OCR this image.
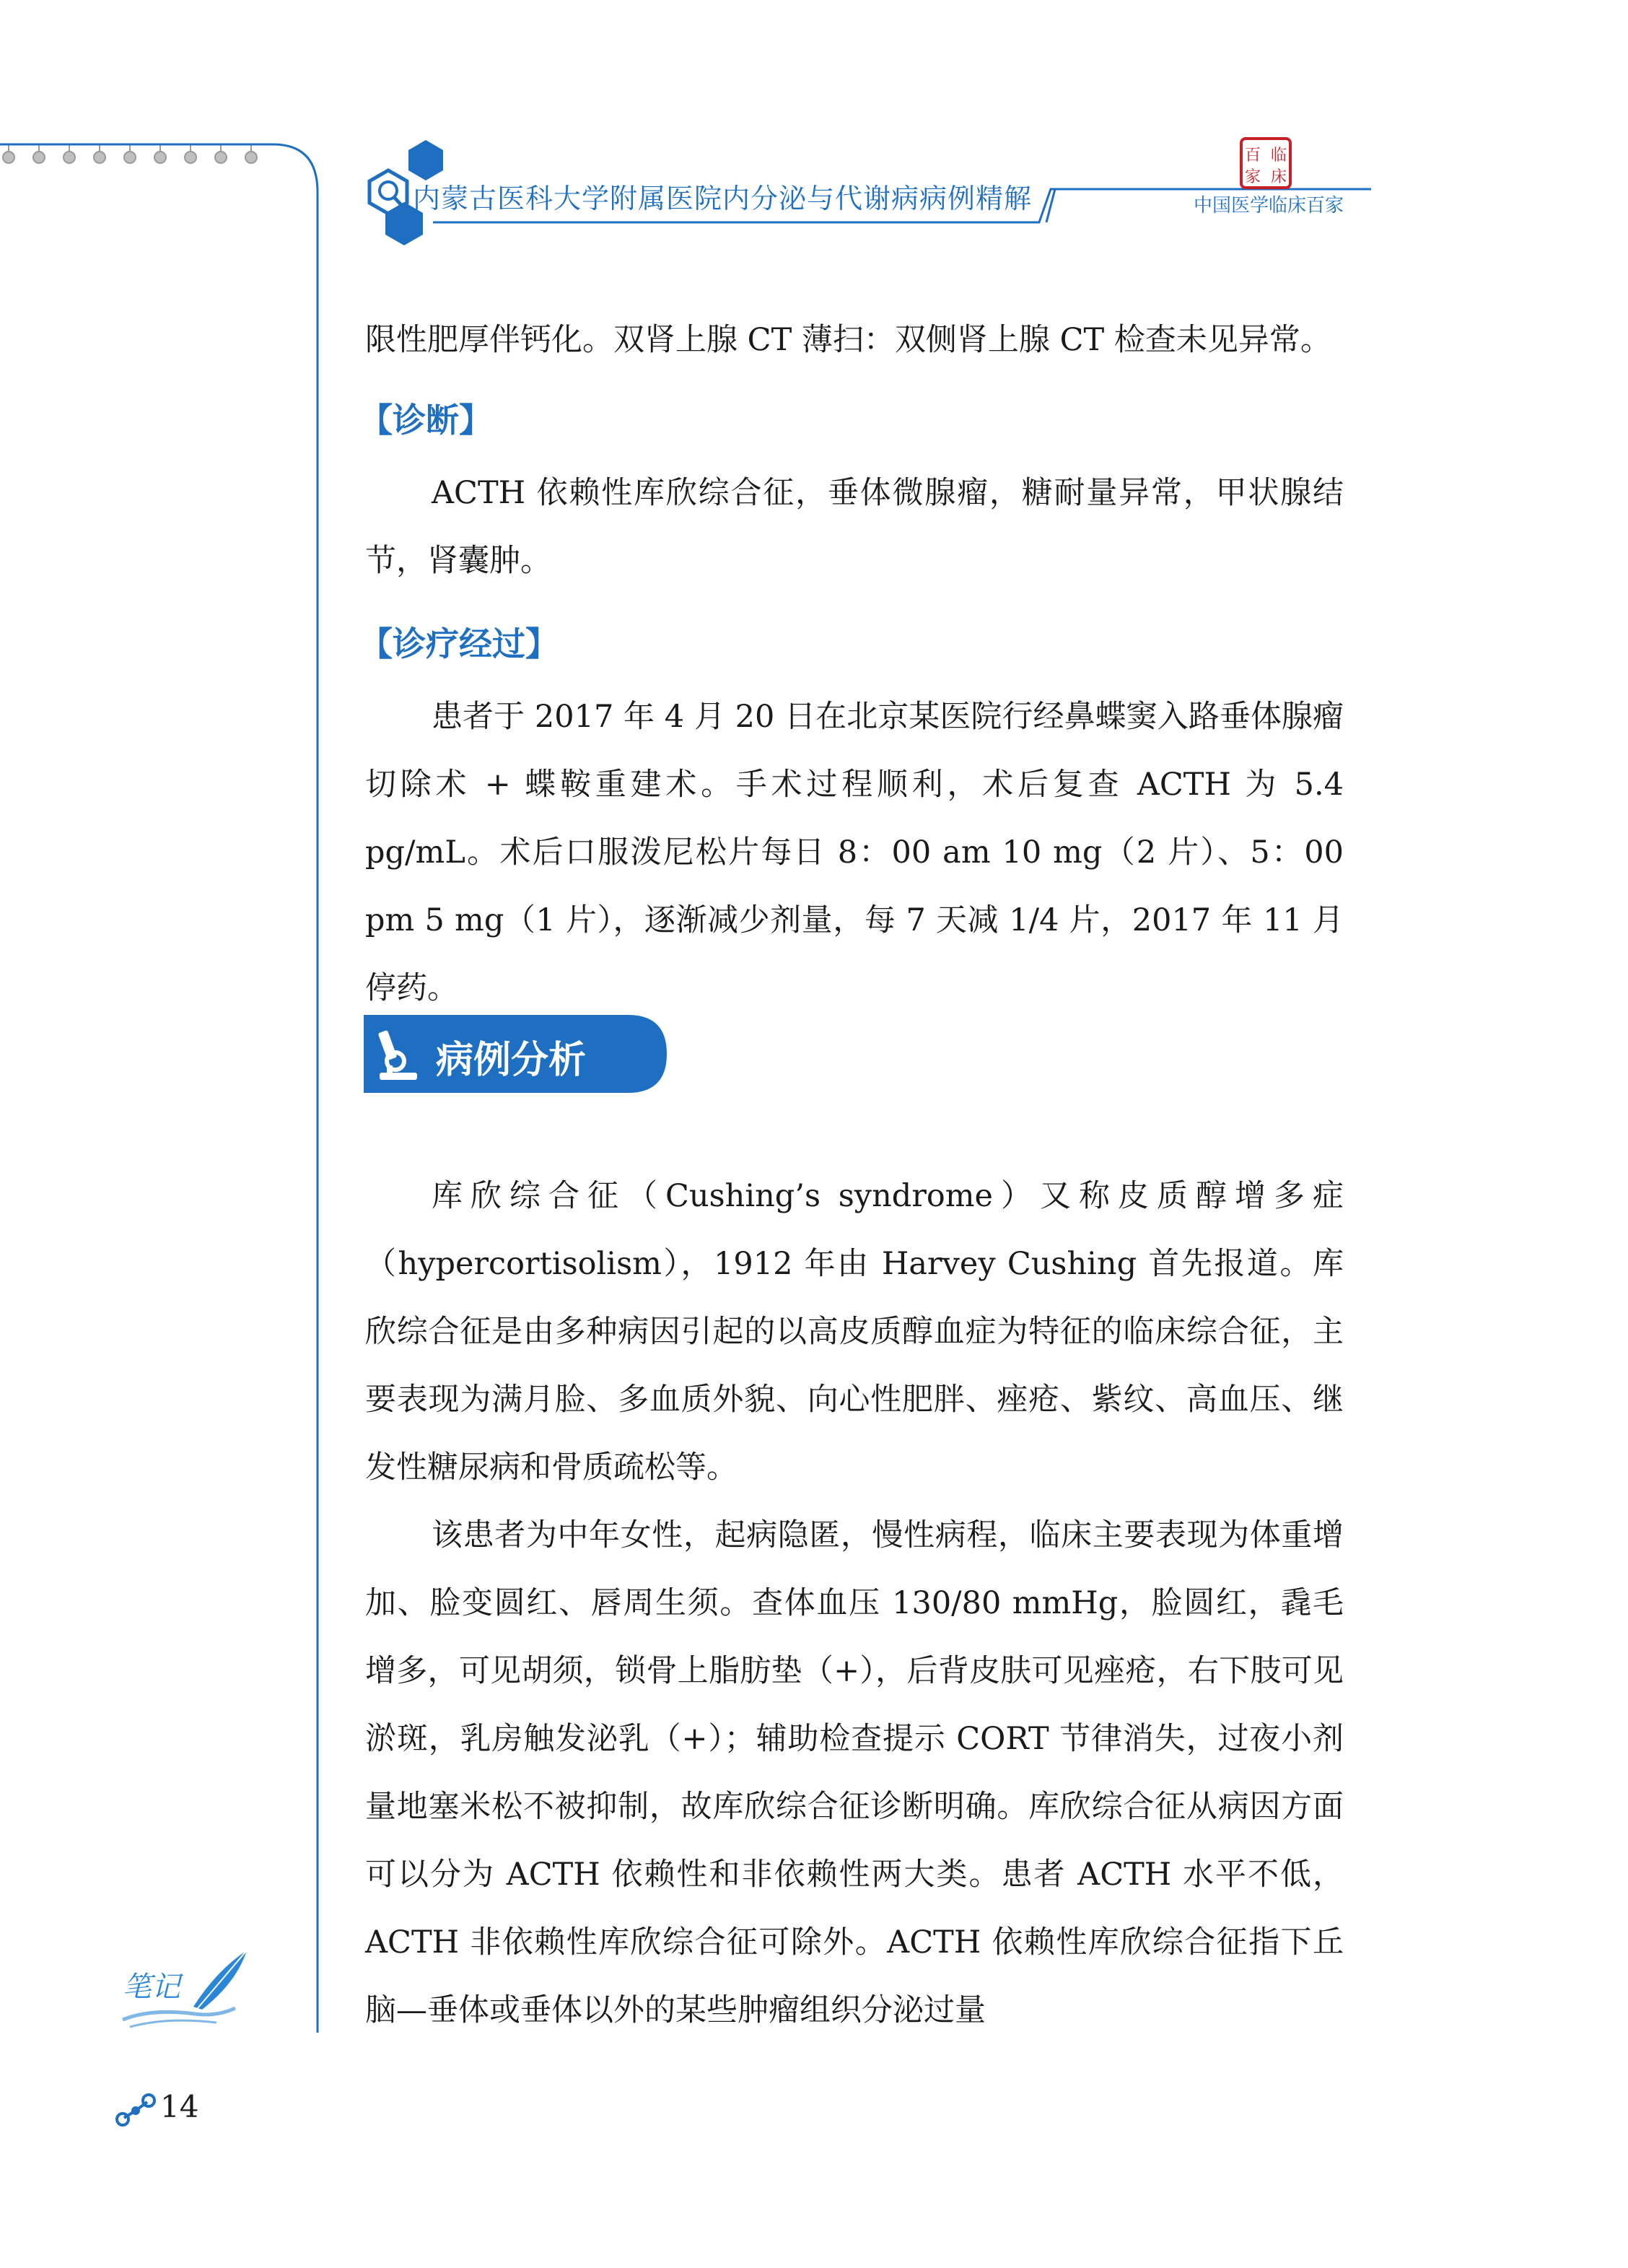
内蒙古医科大学附属医院内分泌与代谢病病例精解
百 临
家 床
中国医学临床百家

限性肥厚伴钙化。双肾上腺 CT 薄扫：双侧肾上腺 CT 检查未见异常。

【诊断】

ACTH 依赖性库欣综合征，垂体微腺瘤，糖耐量异常，甲状腺结节，肾囊肿。

【诊疗经过】

患者于 2017 年 4 月 20 日在北京某医院行经鼻蝶窦入路垂体腺瘤切除术 + 蝶鞍重建术。手术过程顺利，术后复查 ACTH 为 5.4 pg/mL。术后口服泼尼松片每日 8：00 am 10 mg（2 片）、5：00 pm 5 mg（1 片），逐渐减少剂量，每 7 天减 1/4 片，2017 年 11 月停药。

病例分析

库欣综合征（Cushing’s syndrome）又称皮质醇增多症（hypercortisolism），1912 年由 Harvey Cushing 首先报道。库欣综合征是由多种病因引起的以高皮质醇血症为特征的临床综合征，主要表现为满月脸、多血质外貌、向心性肥胖、痤疮、紫纹、高血压、继发性糖尿病和骨质疏松等。

该患者为中年女性，起病隐匿，慢性病程，临床主要表现为体重增加、脸变圆红、唇周生须。查体血压 130/80 mmHg，脸圆红，毳毛增多，可见胡须，锁骨上脂肪垫（+），后背皮肤可见痤疮，右下肢可见淤斑，乳房触发泌乳（+）；辅助检查提示 CORT 节律消失，过夜小剂量地塞米松不被抑制，故库欣综合征诊断明确。库欣综合征从病因方面可以分为 ACTH 依赖性和非依赖性两大类。患者 ACTH 水平不低，ACTH 非依赖性库欣综合征可除外。ACTH 依赖性库欣综合征指下丘脑—垂体或垂体以外的某些肿瘤组织分泌过量

笔记
14
